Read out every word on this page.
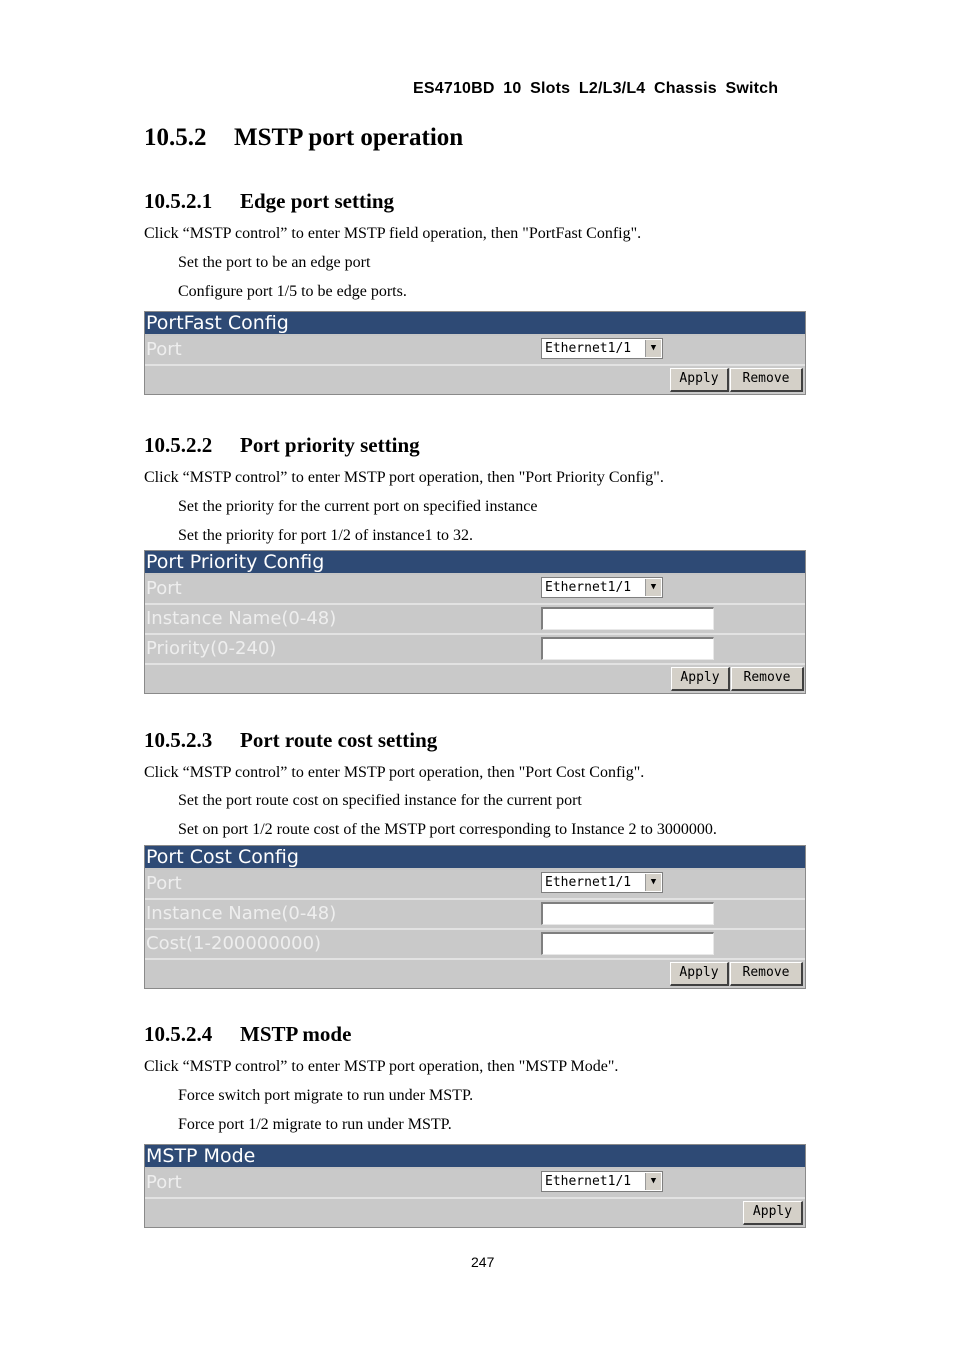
ES4710BD 10 Slots L2/L3/L4 Chassis Switch
10.5.2 MSTP port operation
10.5.2.1 Edge port setting
Click “MSTP control” to enter MSTP field operation, then "PortFast Config".
Set the port to be an edge port
Configure port 1/5 to be edge ports.
PortFast Config
Port	Ethernet1/1	▼
Apply	Remove
10.5.2.2 Port priority setting
Click “MSTP control” to enter MSTP port operation, then "Port Priority Config".
Set the priority for the current port on specified instance
Set the priority for port 1/2 of instance1 to 32.
Port Priority Config
Port	Ethernet1/1	▼
Instance Name(0-48)
Priority(0-240)
Apply	Remove
10.5.2.3 Port route cost setting
Click “MSTP control” to enter MSTP port operation, then "Port Cost Config".
Set the port route cost on specified instance for the current port
Set on port 1/2 route cost of the MSTP port corresponding to Instance 2 to 3000000.
Port Cost Config
Port	Ethernet1/1	▼
Instance Name(0-48)
Cost(1-200000000)
Apply	Remove
10.5.2.4 MSTP mode
Click “MSTP control” to enter MSTP port operation, then "MSTP Mode".
Force switch port migrate to run under MSTP.
Force port 1/2 migrate to run under MSTP.
MSTP Mode
Port	Ethernet1/1	▼
Apply
247
